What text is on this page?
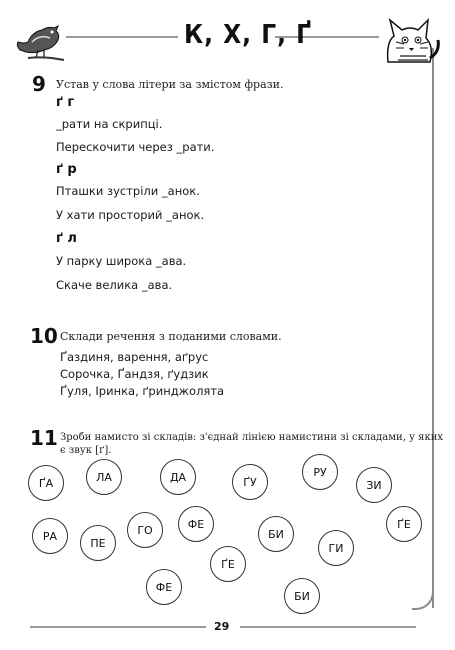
К, Х, Г, Ґ
9 Устав у слова літери за змістом фрази.
ґ г
_рати на скрипці.
Перескочити через _рати.
ґ р
Пташки зустріли _анок.
У хати просторий _анок.
ґ л
У парку широка _ава.
Скаче велика _ава.
10 Склади речення з поданими словами.
Ґаздиня, варення, аґрус
Сорочка, Ґандзя, ґудзик
Ґуля, Іринка, ґринджолята
11 Зроби намисто зі складів: з'єднай лінією намистини зі складами, у яких
є звук [ґ].
ҐА	ЛА	ДА	ҐУ
РУ
ЗИ
РА
ПЕ
ГО	ФЕ
БИ
ҐЕ
ГИ
ҐЕ
ФЕ
БИ
29
